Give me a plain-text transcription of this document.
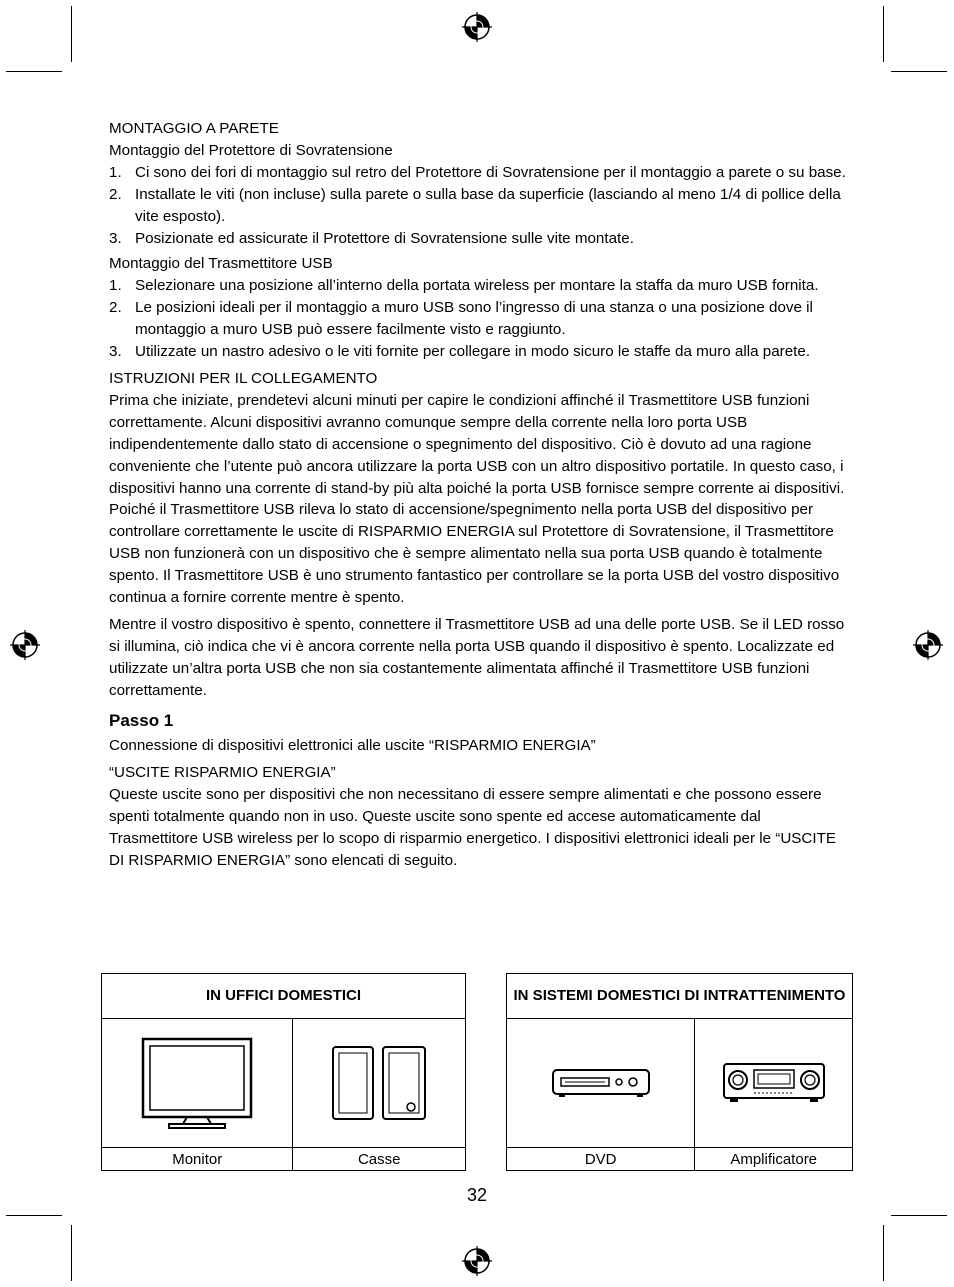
MONTAGGIO A PARETE

Montaggio del Protettore di Sovratensione

1. Ci sono dei fori di montaggio sul retro del Protettore di Sovratensione per il montaggio a parete o su base.
2. Installate le viti (non incluse) sulla parete o sulla base da superficie (lasciando al meno 1/4 di pollice della vite esposto).
3. Posizionate ed assicurate il Protettore di Sovratensione sulle vite montate.

Montaggio del Trasmettitore USB

1. Selezionare una posizione all’interno della portata wireless per montare la staffa da muro USB fornita.
2. Le posizioni ideali per il montaggio a muro USB sono l’ingresso di una stanza o una posizione dove il montaggio a muro USB può essere facilmente visto e raggiunto.
3. Utilizzate un nastro adesivo o le viti fornite per collegare in modo sicuro le staffe da muro alla parete.

ISTRUZIONI PER IL COLLEGAMENTO

Prima che iniziate, prendetevi alcuni minuti per capire le condizioni affinché il Trasmettitore USB funzioni correttamente. Alcuni dispositivi avranno comunque sempre della corrente nella loro porta USB indipendentemente dallo stato di accensione o spegnimento del dispositivo. Ciò è dovuto ad una ragione conveniente che l’utente può ancora utilizzare la porta USB con un altro dispositivo portatile. In questo caso, i dispositivi hanno una corrente di stand-by più alta poiché la porta USB fornisce sempre corrente ai dispositivi. Poiché il Trasmettitore USB rileva lo stato di accensione/spegnimento nella porta USB del dispositivo per controllare correttamente le uscite di RISPARMIO ENERGIA sul Protettore di Sovratensione, il Trasmettitore USB non funzionerà con un dispositivo che è sempre alimentato nella sua porta USB quando è totalmente spento. Il Trasmettitore USB è uno strumento fantastico per controllare se la porta USB del vostro dispositivo continua a fornire corrente mentre è spento.

Mentre il vostro dispositivo è spento, connettere il Trasmettitore USB ad una delle porte USB. Se il LED rosso si illumina, ciò indica che vi è ancora corrente nella porta USB quando il dispositivo è spento. Localizzate ed utilizzate un’altra porta USB che non sia costantemente alimentata affinché il Trasmettitore USB funzioni correttamente.

Passo 1

Connessione di dispositivi elettronici alle uscite “RISPARMIO ENERGIA”

“USCITE RISPARMIO ENERGIA”

Queste uscite sono per dispositivi che non necessitano di essere sempre alimentati e che possono essere spenti totalmente quando non in uso. Queste uscite sono spente ed accese automaticamente dal Trasmettitore USB wireless per lo scopo di risparmio energetico. I dispositivi elettronici ideali per le “USCITE DI RISPARMIO ENERGIA” sono elencati di seguito.

IN UFFICI DOMESTICI	

Monitor	Casse
IN SISTEMI DOMESTICI DI INTRATTENIMENTO	

DVD	Amplificatore
32
